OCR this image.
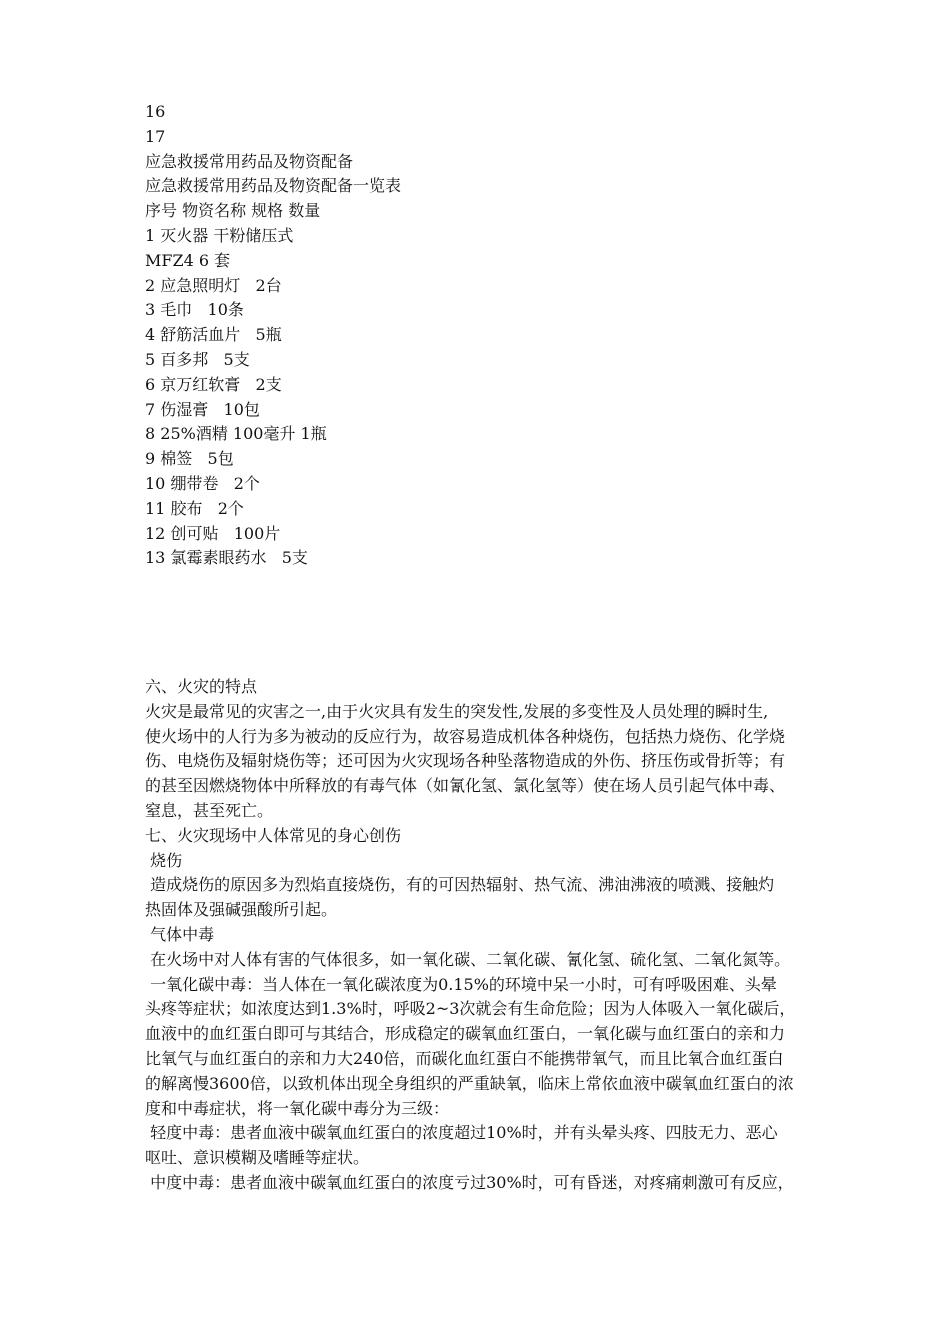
16
17
应急救援常用药品及物资配备
应急救援常用药品及物资配备一览表
序号 物资名称 规格 数量
1 灭火器 干粉储压式
MFZ4 6 套
2 应急照明灯   2台
3 毛巾   10条
4 舒筋活血片   5瓶
5 百多邦   5支
6 京万红软膏   2支
7 伤湿膏   10包
8 25%酒精 100毫升 1瓶
9 棉签   5包
10 绷带卷   2个
11 胶布   2个
12 创可贴   100片
13 氯霉素眼药水   5支
六、火灾的特点
火灾是最常见的灾害之一,由于火灾具有发生的突发性,发展的多变性及人员处理的瞬时生,
使火场中的人行为多为被动的反应行为，故容易造成机体各种烧伤，包括热力烧伤、化学烧
伤、电烧伤及辐射烧伤等；还可因为火灾现场各种坠落物造成的外伤、挤压伤或骨折等；有
的甚至因燃烧物体中所释放的有毒气体（如氰化氢、氯化氢等）使在场人员引起气体中毒、
窒息，甚至死亡。
七、火灾现场中人体常见的身心创伤
烧伤
造成烧伤的原因多为烈焰直接烧伤，有的可因热辐射、热气流、沸油沸液的喷溅、接触灼
热固体及强碱强酸所引起。
气体中毒
在火场中对人体有害的气体很多，如一氧化碳、二氧化碳、氰化氢、硫化氢、二氧化氮等。
一氧化碳中毒：当人体在一氧化碳浓度为0.15%的环境中呆一小时，可有呼吸困难、头晕
头疼等症状；如浓度达到1.3%时，呼吸2~3次就会有生命危险；因为人体吸入一氧化碳后，
血液中的血红蛋白即可与其结合，形成稳定的碳氧血红蛋白，一氧化碳与血红蛋白的亲和力
比氧气与血红蛋白的亲和力大240倍，而碳化血红蛋白不能携带氧气，而且比氧合血红蛋白
的解离慢3600倍，以致机体出现全身组织的严重缺氧，临床上常依血液中碳氧血红蛋白的浓
度和中毒症状，将一氧化碳中毒分为三级：
轻度中毒：患者血液中碳氧血红蛋白的浓度超过10%时，并有头晕头疼、四肢无力、恶心
呕吐、意识模糊及嗜睡等症状。
中度中毒：患者血液中碳氧血红蛋白的浓度亏过30%时，可有昏迷，对疼痛刺激可有反应，
